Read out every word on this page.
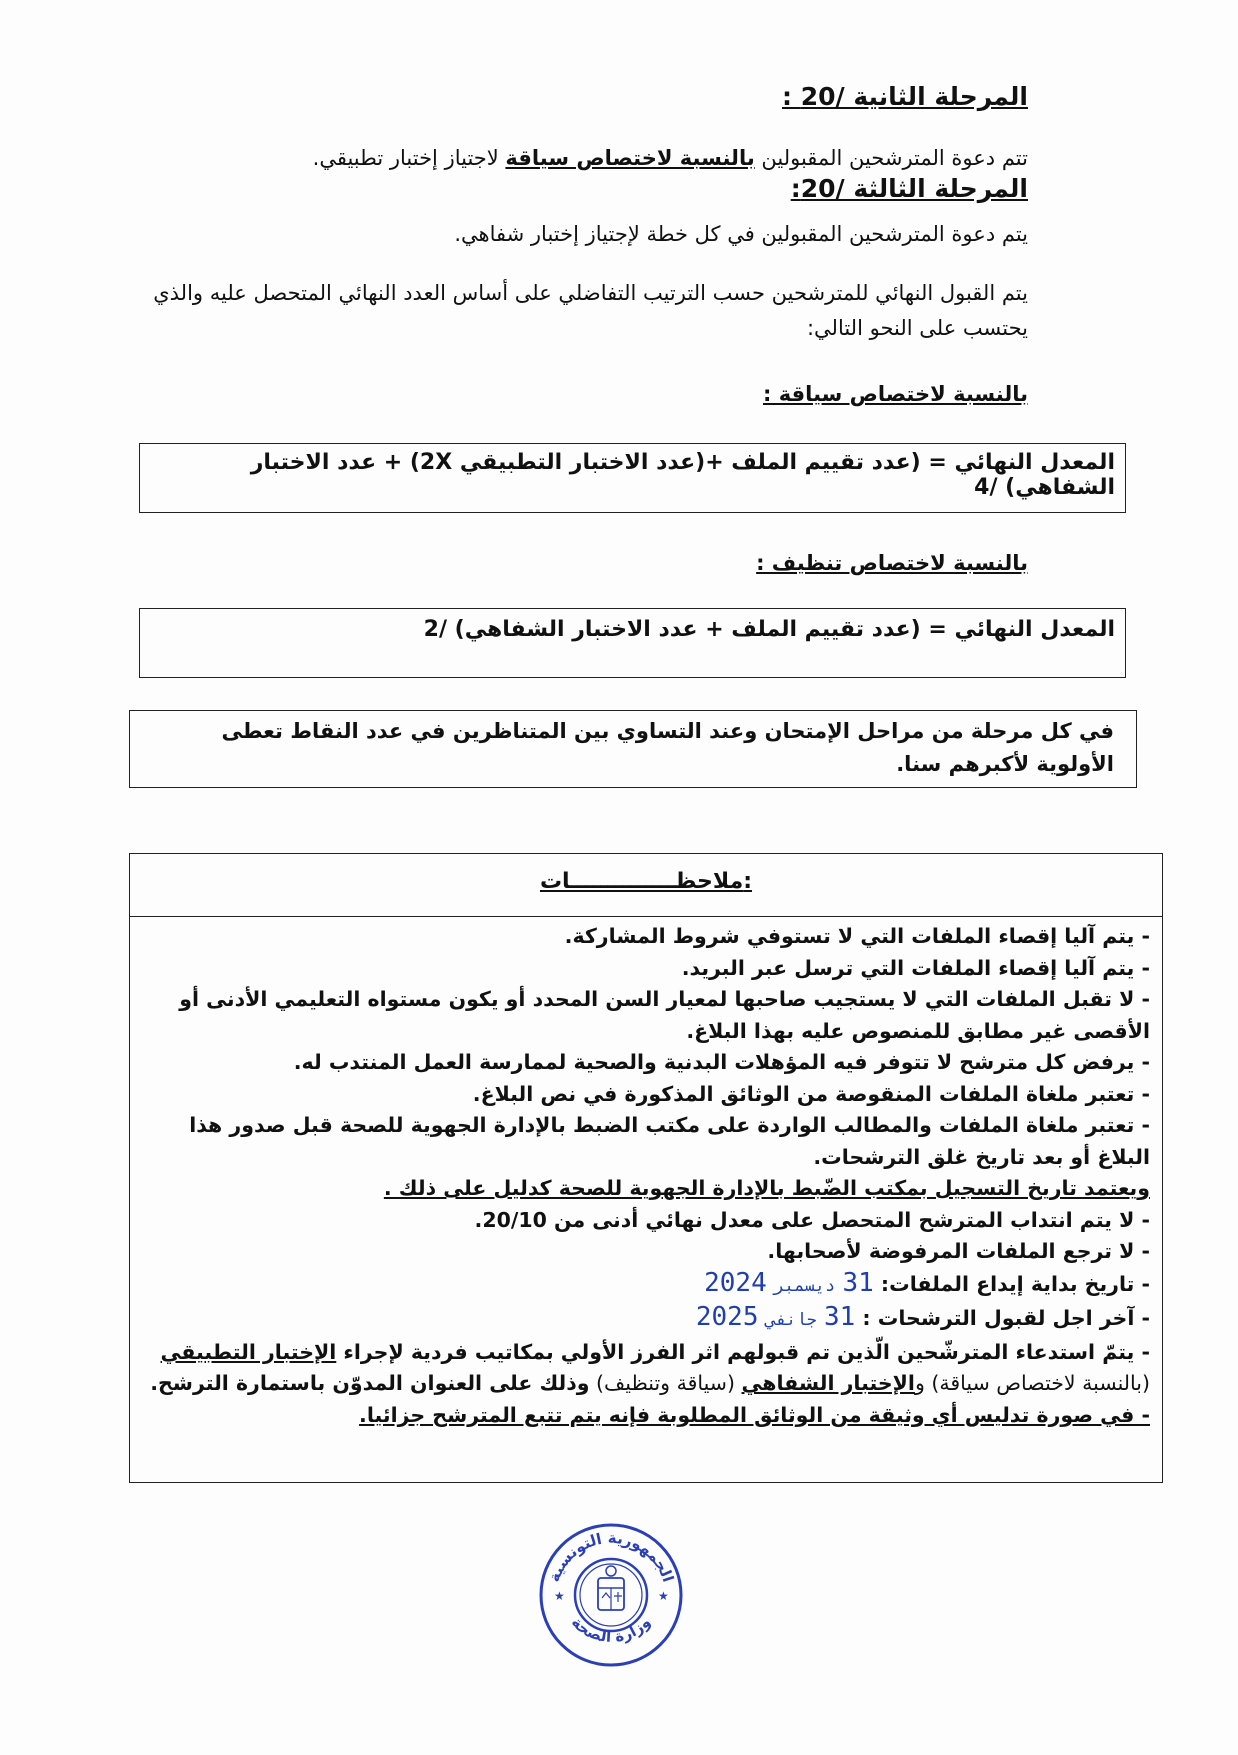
المرحلة الثانية /20 :
تتم دعوة المترشحين المقبولين بالنسبة لاختصاص سياقة لاجتياز إختبار تطبيقي.
المرحلة الثالثة /20:
يتم دعوة المترشحين المقبولين في كل خطة لإجتياز إختبار شفاهي.
يتم القبول النهائي للمترشحين حسب الترتيب التفاضلي على أساس العدد النهائي المتحصل عليه والذي يحتسب على النحو التالي:
بالنسبة لاختصاص سياقة :
المعدل النهائي = (عدد تقييم الملف +(عدد الاختبار التطبيقي 2X) + عدد الاختبار الشفاهي) /4
بالنسبة لاختصاص تنظيف :
المعدل النهائي = (عدد تقييم الملف + عدد الاختبار الشفاهي) /2
في كل مرحلة من مراحل الإمتحان وعند التساوي بين المتناظرين في عدد النقاط تعطى الأولوية لأكبرهم سنا.
ملاحظــــــــــــــات:
- يتم آليا إقصاء الملفات التي لا تستوفي شروط المشاركة.
- يتم آليا إقصاء الملفات التي ترسل عبر البريد.
- لا تقبل الملفات التي لا يستجيب صاحبها لمعيار السن المحدد أو يكون مستواه التعليمي الأدنى أو الأقصى غير مطابق للمنصوص عليه بهذا البلاغ.
- يرفض كل مترشح لا تتوفر فيه المؤهلات البدنية والصحية لممارسة العمل المنتدب له.
- تعتبر ملغاة الملفات المنقوصة من الوثائق المذكورة في نص البلاغ.
- تعتبر ملغاة الملفات والمطالب الواردة على مكتب الضبط بالإدارة الجهوية للصحة قبل صدور هذا البلاغ أو بعد تاريخ غلق الترشحات.
ويعتمد تاريخ التسجيل بمكتب الضّبط بالإدارة الجهوية للصحة كدليل على ذلك .
- لا يتم انتداب المترشح المتحصل على معدل نهائي أدنى من 20/10.
- لا ترجع الملفات المرفوضة لأصحابها.
- تاريخ بداية إيداع الملفات: 31 ديسمبر 2024
- آخر اجل لقبول الترشحات : 31 جانفي 2025
- يتمّ استدعاء المترشّحين الّذين تم قبولهم اثر الفرز الأولي بمكاتيب فردية لإجراء الإختبار التطبيقي (بالنسبة لاختصاص سياقة) والإختبار الشفاهي (سياقة وتنظيف) وذلك على العنوان المدوّن باستمارة الترشح.
- في صورة تدليس أي وثيقة من الوثائق المطلوبة فإنه يتم تتبع المترشح جزائيا.
الجمهورية التونسية
وزارة الصحة
★	★
